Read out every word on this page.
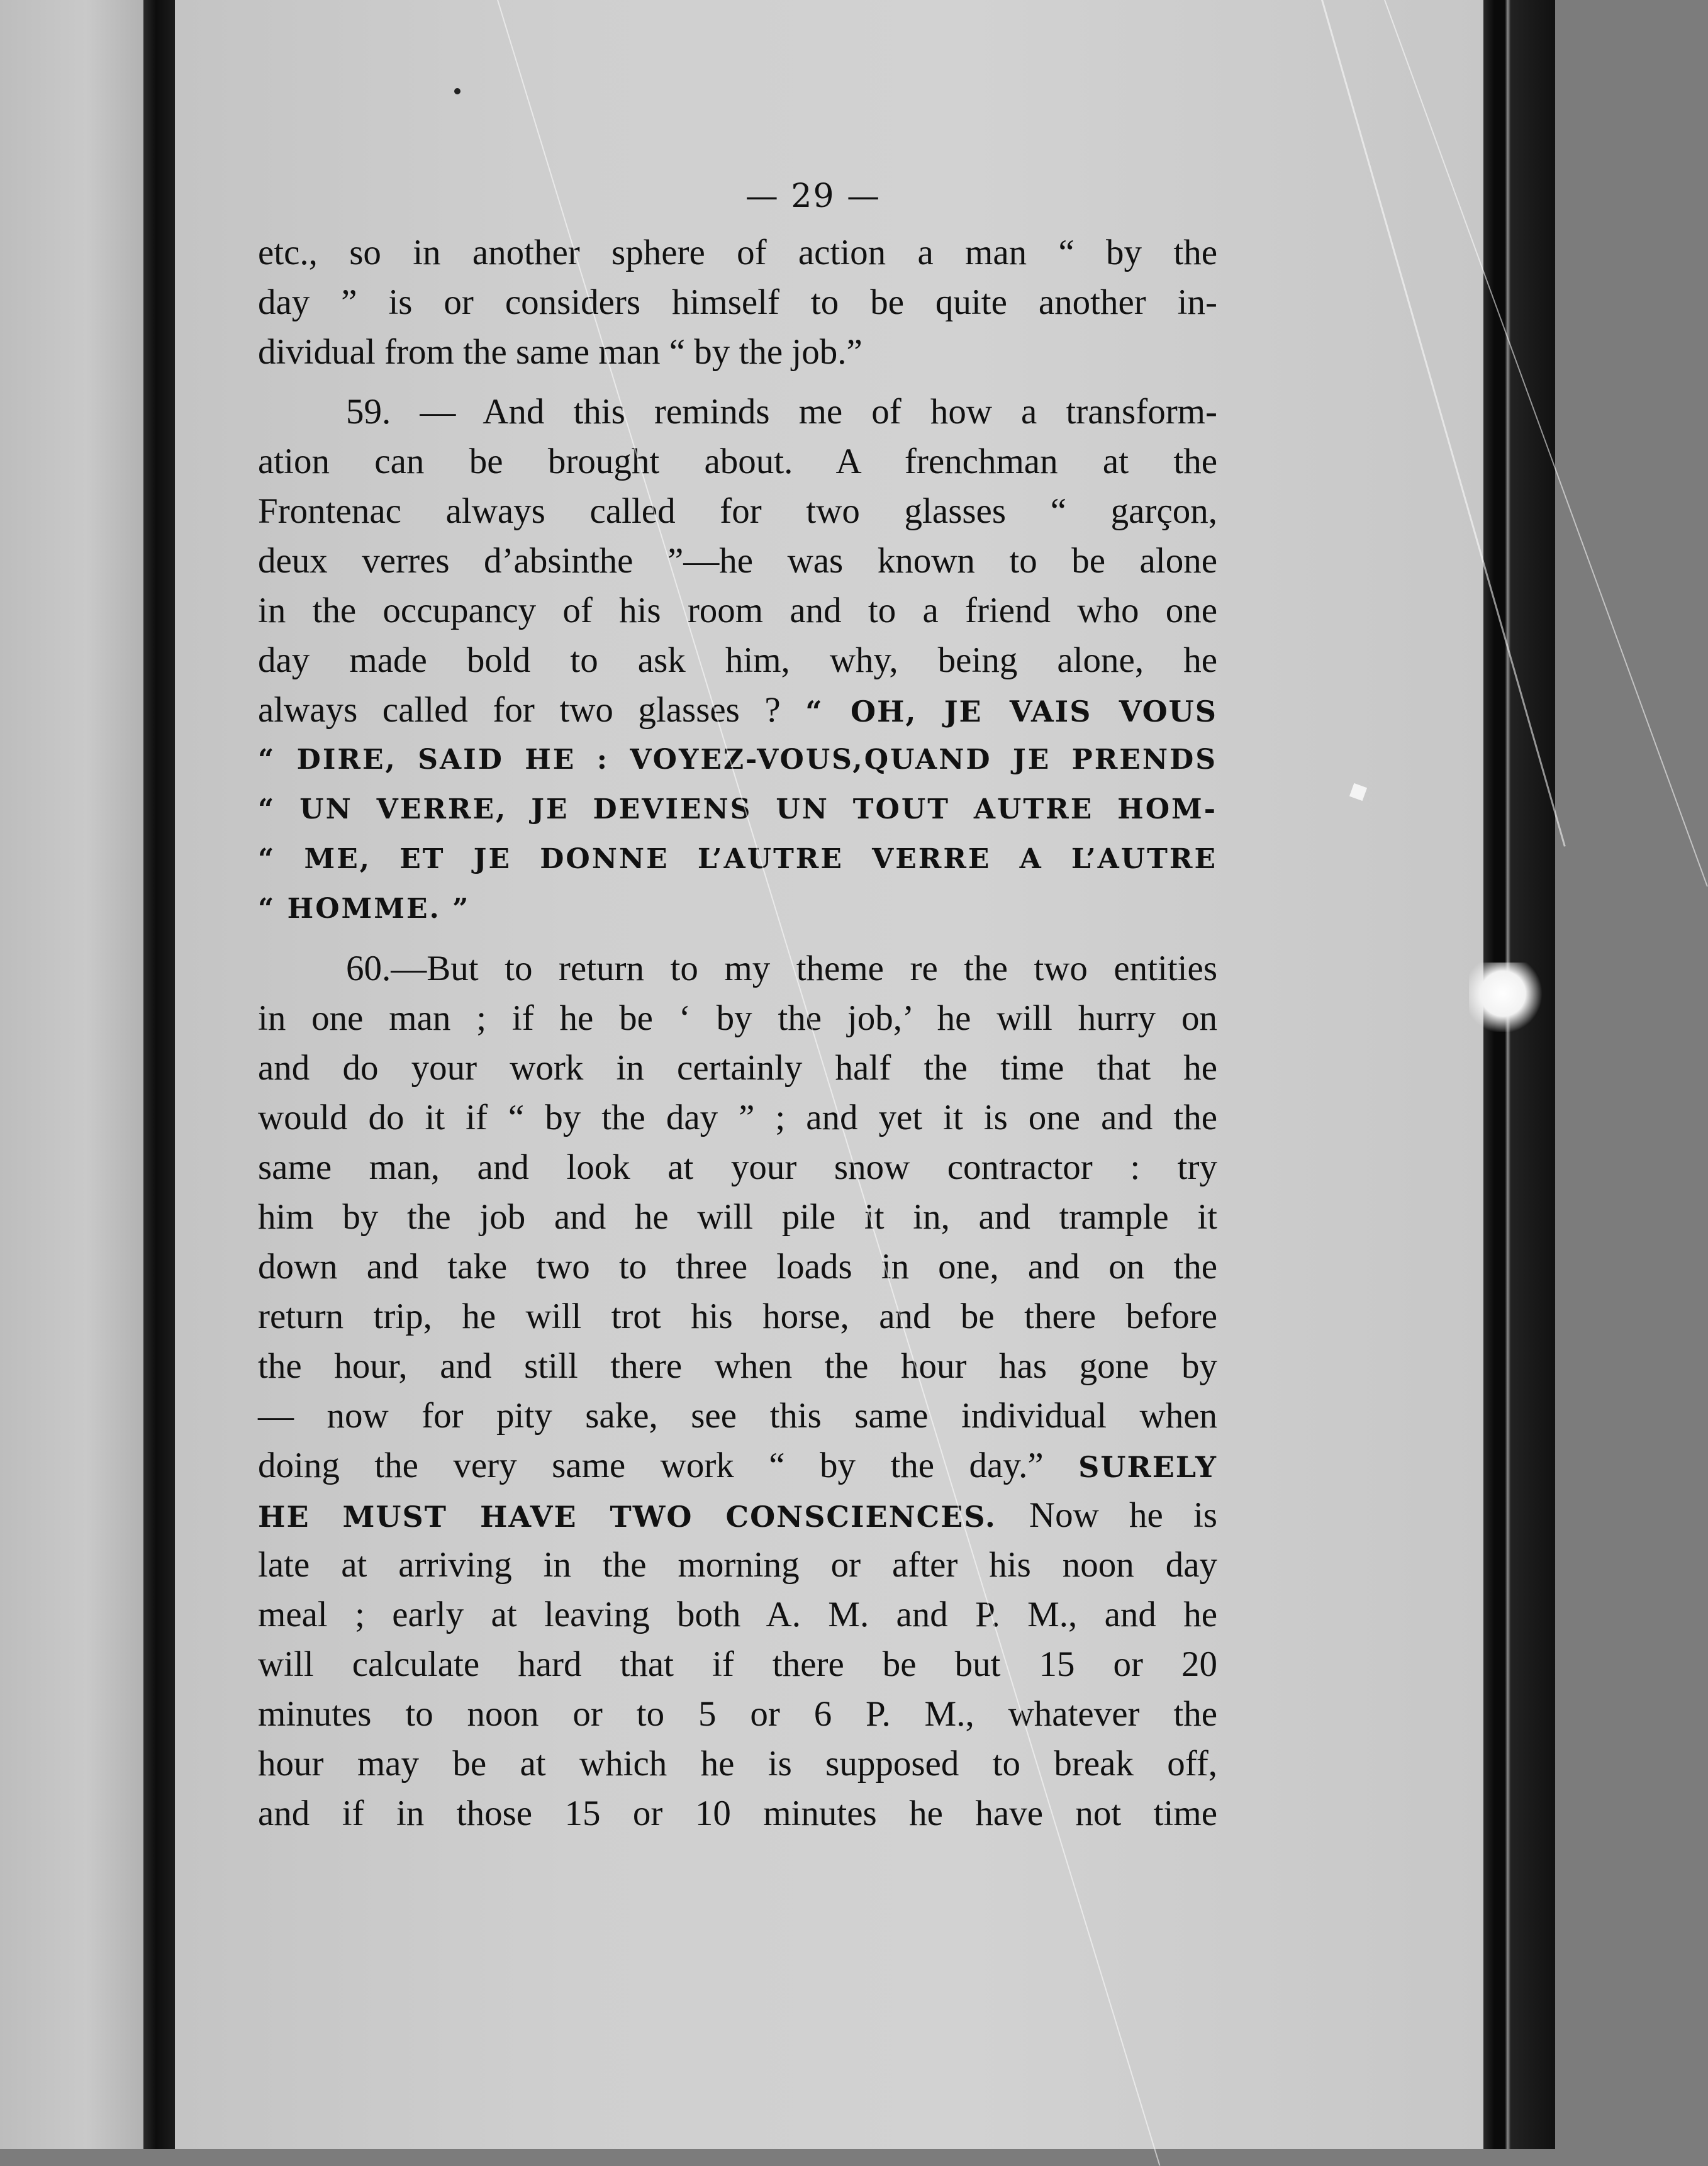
— 29 —
etc., so in another sphere of action a man “ by the
day ” is or considers himself to be quite another in-
dividual from the same man “ by the job.”
59. — And this reminds me of how a transform-
ation can be brought about. A frenchman at the
Frontenac always called for two glasses “ garçon,
deux verres d’absinthe ”—he was known to be alone
in the occupancy of his room and to a friend who one
day made bold to ask him, why, being alone, he
always called for two glasses ? “ OH, JE VAIS VOUS
“ DIRE, SAID HE : VOYEZ-VOUS,QUAND JE PRENDS
“ UN VERRE, JE DEVIENS UN TOUT AUTRE HOM-
“ ME, ET JE DONNE L’AUTRE VERRE A L’AUTRE
“ HOMME. ”
60.—But to return to my theme re the two entities
in one man ; if he be ‘ by the job,’ he will hurry on
and do your work in certainly half the time that he
would do it if “ by the day ” ; and yet it is one and the
same man, and look at your snow contractor : try
him by the job and he will pile it in, and trample it
down and take two to three loads in one, and on the
return trip, he will trot his horse, and be there before
the hour, and still there when the hour has gone by
— now for pity sake, see this same individual when
doing the very same work “ by the day.” SURELY
HE MUST HAVE TWO CONSCIENCES. Now he is
late at arriving in the morning or after his noon day
meal ; early at leaving both A. M. and P. M., and he
will calculate hard that if there be but 15 or 20
minutes to noon or to 5 or 6 P. M., whatever the
hour may be at which he is supposed to break off,
and if in those 15 or 10 minutes he have not time
